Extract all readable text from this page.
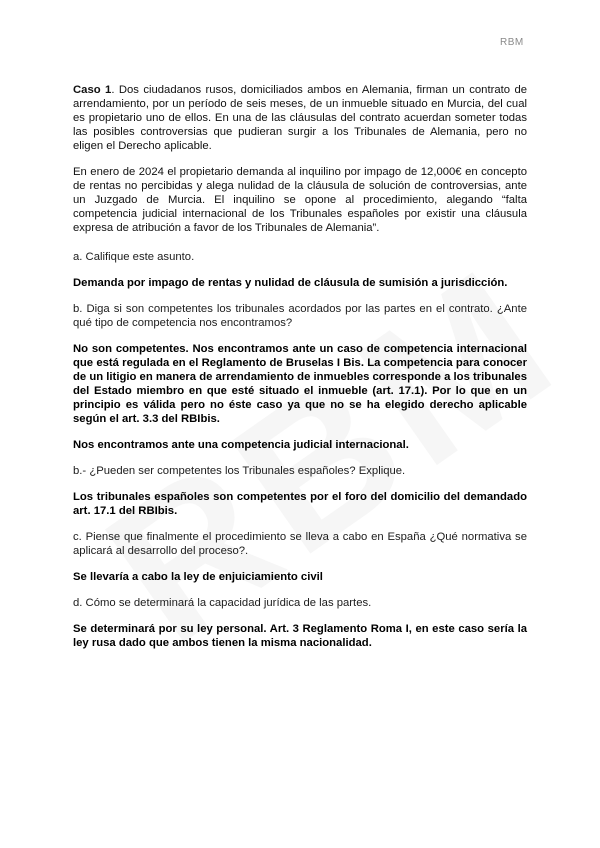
RBM

Caso 1. Dos ciudadanos rusos, domiciliados ambos en Alemania, firman un contrato de arrendamiento, por un período de seis meses, de un inmueble situado en Murcia, del cual es propietario uno de ellos. En una de las cláusulas del contrato acuerdan someter todas las posibles controversias que pudieran surgir a los Tribunales de Alemania, pero no eligen el Derecho aplicable.

En enero de 2024 el propietario demanda al inquilino por impago de 12,000€ en concepto de rentas no percibidas y alega nulidad de la cláusula de solución de controversias, ante un Juzgado de Murcia. El inquilino se opone al procedimiento, alegando “falta competencia judicial internacional de los Tribunales españoles por existir una cláusula expresa de atribución a favor de los Tribunales de Alemania”.

a. Califique este asunto.

Demanda por impago de rentas y nulidad de cláusula de sumisión a jurisdicción.

b. Diga si son competentes los tribunales acordados por las partes en el contrato. ¿Ante qué tipo de competencia nos encontramos?

No son competentes. Nos encontramos ante un caso de competencia internacional que está regulada en el Reglamento de Bruselas I Bis. La competencia para conocer de un litigio en manera de arrendamiento de inmuebles corresponde a los tribunales del Estado miembro en que esté situado el inmueble (art. 17.1). Por lo que en un principio es válida pero no éste caso ya que no se ha elegido derecho aplicable según el art. 3.3 del RBIbis.

Nos encontramos ante una competencia judicial internacional.

b.- ¿Pueden ser competentes los Tribunales españoles? Explique.

Los tribunales españoles son competentes por el foro del domicilio del demandado art. 17.1 del RBIbis.

c. Piense que finalmente el procedimiento se lleva a cabo en España ¿Qué normativa se aplicará al desarrollo del proceso?.

Se llevaría a cabo la ley de enjuiciamiento civil

d. Cómo se determinará la capacidad jurídica de las partes.

Se determinará por su ley personal. Art. 3 Reglamento Roma I, en este caso sería la ley rusa dado que ambos tienen la misma nacionalidad.
